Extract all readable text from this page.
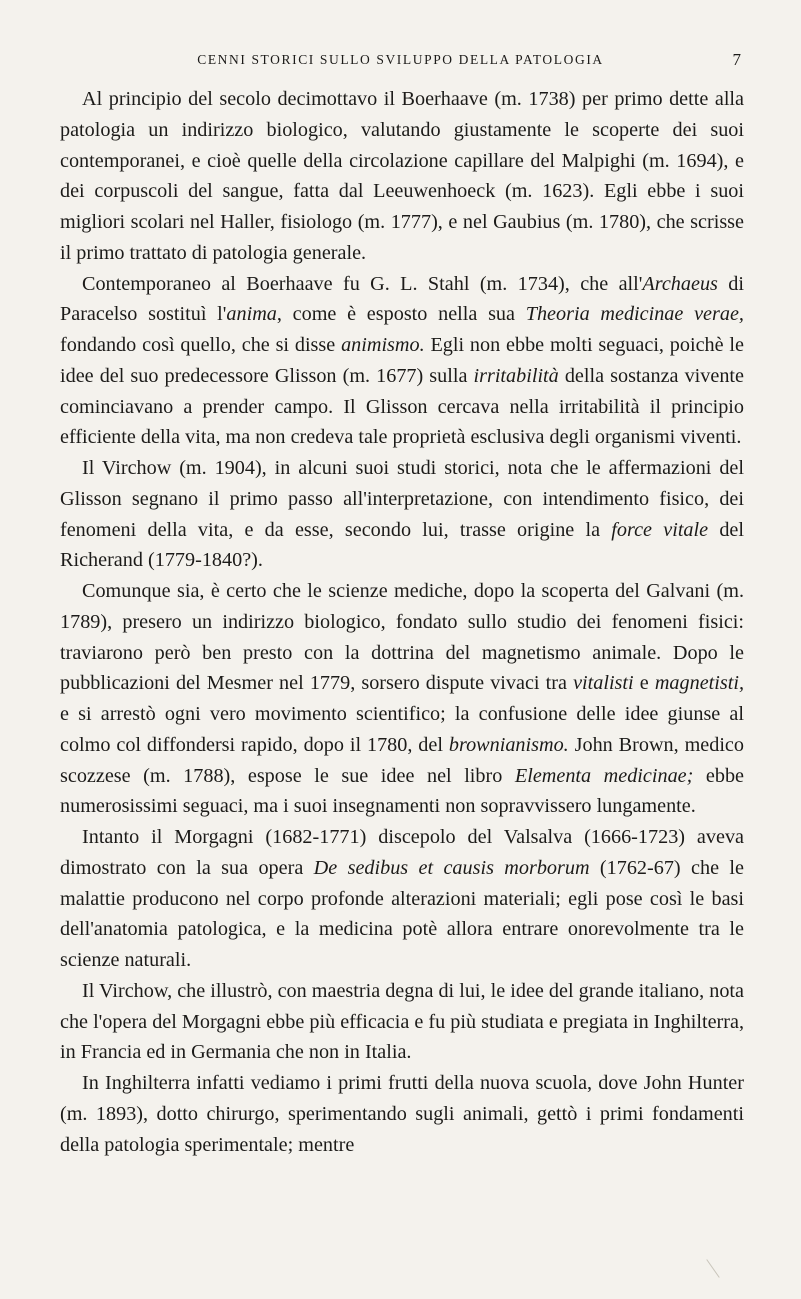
CENNI STORICI SULLO SVILUPPO DELLA PATOLOGIA	7

Al principio del secolo decimottavo il Boerhaave (m. 1738) per primo dette alla patologia un indirizzo biologico, valutando giustamente le scoperte dei suoi contemporanei, e cioè quelle della circolazione capillare del Malpighi (m. 1694), e dei corpuscoli del sangue, fatta dal Leeuwenhoeck (m. 1623). Egli ebbe i suoi migliori scolari nel Haller, fisiologo (m. 1777), e nel Gaubius (m. 1780), che scrisse il primo trattato di patologia generale.

Contemporaneo al Boerhaave fu G. L. Stahl (m. 1734), che all'Archaeus di Paracelso sostituì l'anima, come è esposto nella sua Theoria medicinae verae, fondando così quello, che si disse animismo. Egli non ebbe molti seguaci, poichè le idee del suo predecessore Glisson (m. 1677) sulla irritabilità della sostanza vivente cominciavano a prender campo. Il Glisson cercava nella irritabilità il principio efficiente della vita, ma non credeva tale proprietà esclusiva degli organismi viventi.

Il Virchow (m. 1904), in alcuni suoi studi storici, nota che le affermazioni del Glisson segnano il primo passo all'interpretazione, con intendimento fisico, dei fenomeni della vita, e da esse, secondo lui, trasse origine la force vitale del Richerand (1779-1840?).

Comunque sia, è certo che le scienze mediche, dopo la scoperta del Galvani (m. 1789), presero un indirizzo biologico, fondato sullo studio dei fenomeni fisici: traviarono però ben presto con la dottrina del magnetismo animale. Dopo le pubblicazioni del Mesmer nel 1779, sorsero dispute vivaci tra vitalisti e magnetisti, e si arrestò ogni vero movimento scientifico; la confusione delle idee giunse al colmo col diffondersi rapido, dopo il 1780, del brownianismo. John Brown, medico scozzese (m. 1788), espose le sue idee nel libro Elementa medicinae; ebbe numerosissimi seguaci, ma i suoi insegnamenti non sopravvissero lungamente.

Intanto il Morgagni (1682-1771) discepolo del Valsalva (1666-1723) aveva dimostrato con la sua opera De sedibus et causis morborum (1762-67) che le malattie producono nel corpo profonde alterazioni materiali; egli pose così le basi dell'anatomia patologica, e la medicina potè allora entrare onorevolmente tra le scienze naturali.

Il Virchow, che illustrò, con maestria degna di lui, le idee del grande italiano, nota che l'opera del Morgagni ebbe più efficacia e fu più studiata e pregiata in Inghilterra, in Francia ed in Germania che non in Italia.

In Inghilterra infatti vediamo i primi frutti della nuova scuola, dove John Hunter (m. 1893), dotto chirurgo, sperimentando sugli animali, gettò i primi fondamenti della patologia sperimentale; mentre
